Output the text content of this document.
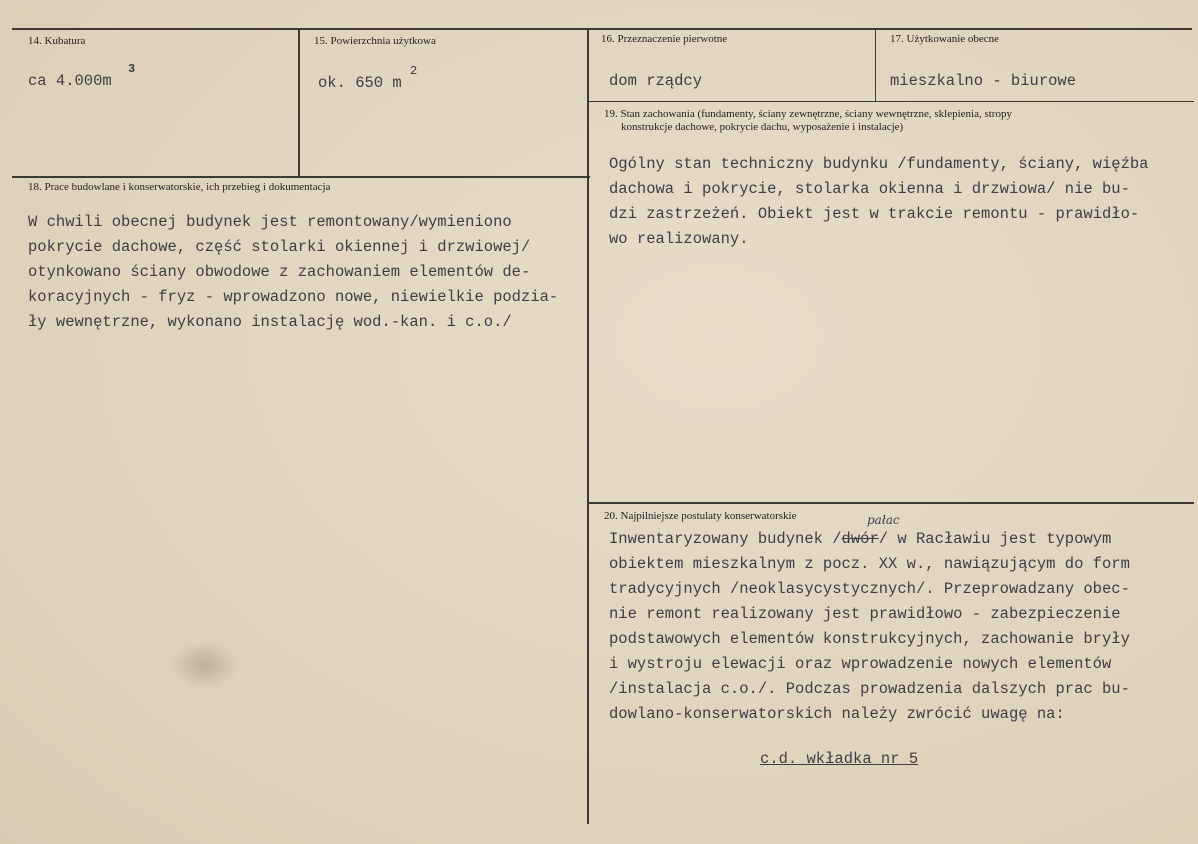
14. Kubatura
ca 4.000m
3
15. Powierzchnia użytkowa
ok. 650 m
2
16. Przeznaczenie pierwotne
dom rządcy
17. Użytkowanie obecne
mieszkalno - biurowe
18. Prace budowlane i konserwatorskie, ich przebieg i dokumentacja
W chwili obecnej budynek jest remontowany/wymieniono
pokrycie dachowe, część stolarki okiennej i drzwiowej/
otynkowano ściany obwodowe z zachowaniem elementów de-
koracyjnych - fryz - wprowadzono nowe, niewielkie podzia-
ły wewnętrzne, wykonano instalację wod.-kan. i c.o./
19. Stan zachowania (fundamenty, ściany zewnętrzne, ściany wewnętrzne, sklepienia, stropy
konstrukcje dachowe, pokrycie dachu, wyposażenie i instalacje)
Ogólny stan techniczny budynku /fundamenty, ściany, więźba
dachowa i pokrycie, stolarka okienna i drzwiowa/ nie bu-
dzi zastrzeżeń. Obiekt jest w trakcie remontu - prawidło-
wo realizowany.
20. Najpilniejsze postulaty konserwatorskie	pałac
Inwentaryzowany budynek /dwór/ w Racławiu jest typowym
obiektem mieszkalnym z pocz. XX w., nawiązującym do form
tradycyjnych /neoklasycystycznych/. Przeprowadzany obec-
nie remont realizowany jest prawidłowo - zabezpieczenie
podstawowych elementów konstrukcyjnych, zachowanie bryły
i wystroju elewacji oraz wprowadzenie nowych elementów
/instalacja c.o./. Podczas prowadzenia dalszych prac bu-
dowlano-konserwatorskich należy zwrócić uwagę na:
c.d. wkładka nr 5
